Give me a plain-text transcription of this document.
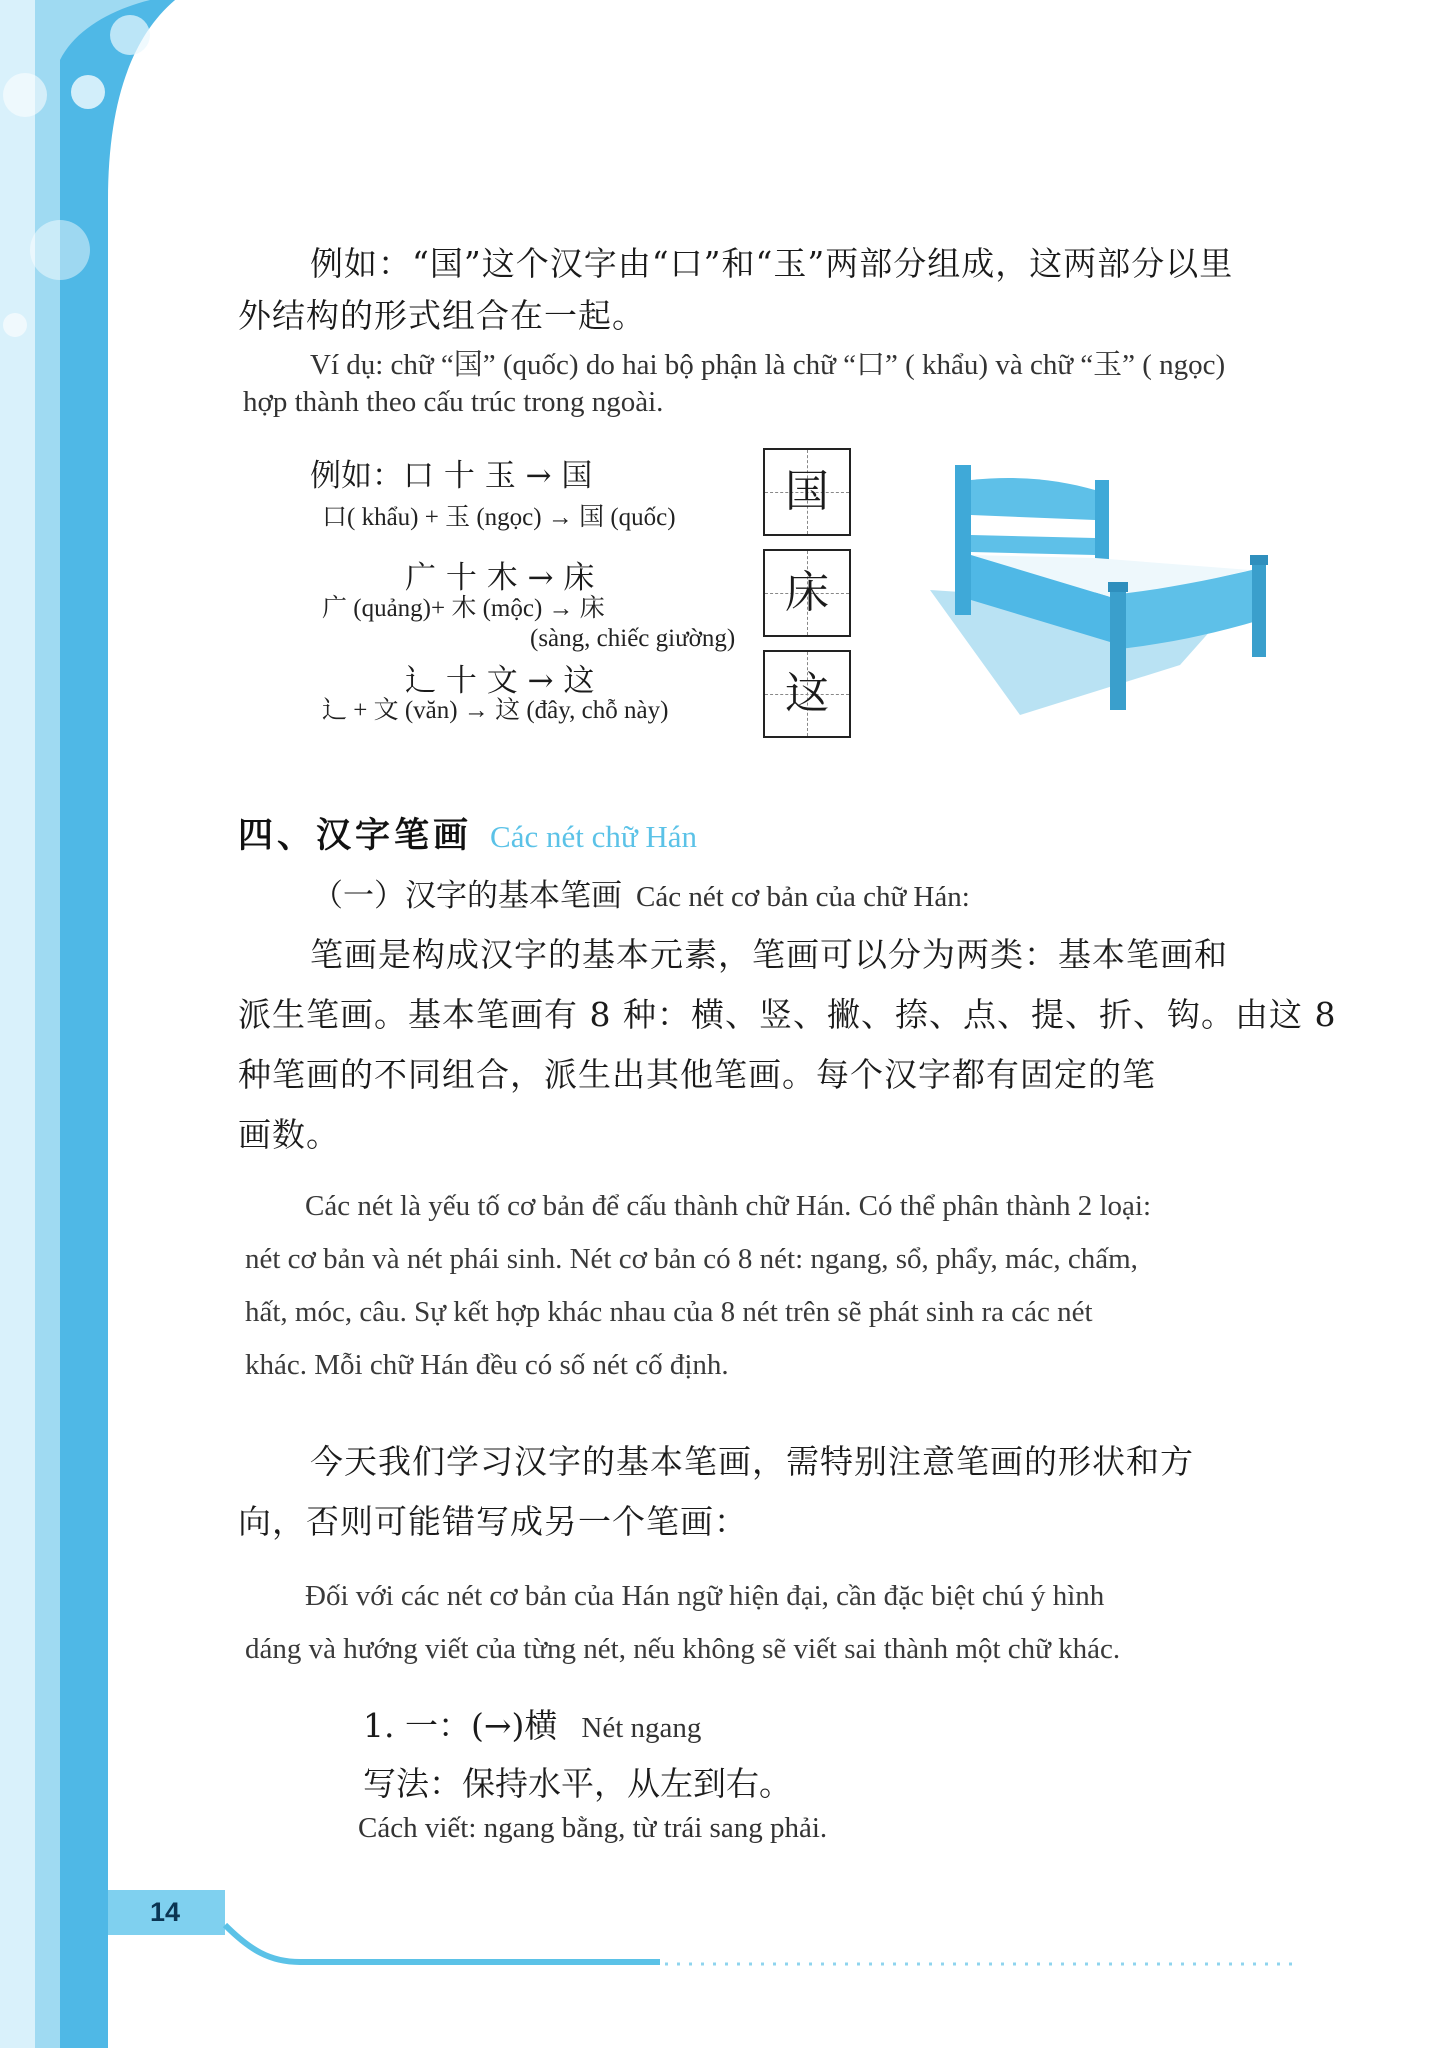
例如：“国”这个汉字由“口”和“玉”两部分组成，这两部分以里
外结构的形式组合在一起。
Ví dụ: chữ “国” (quốc) do hai bộ phận là chữ “口” ( khẩu) và chữ “玉” ( ngọc)
hợp thành theo cấu trúc trong ngoài.
例如：口 十 玉 → 国
口( khẩu) + 玉 (ngọc) → 国 (quốc)
广 十 木 → 床
广 (quảng)+ 木 (mộc) → 床
(sàng, chiếc giường)
辶 十 文 → 这
辶 + 文 (văn) → 这 (đây, chỗ này)
国
床
这
四、汉字笔画 Các nét chữ Hán
（一）汉字的基本笔画 Các nét cơ bản của chữ Hán:
笔画是构成汉字的基本元素，笔画可以分为两类：基本笔画和
派生笔画。基本笔画有 8 种：横、竖、撇、捺、点、提、折、钩。由这 8
种笔画的不同组合，派生出其他笔画。每个汉字都有固定的笔
画数。
Các nét là yếu tố cơ bản để cấu thành chữ Hán. Có thể phân thành 2 loại:
nét cơ bản và nét phái sinh. Nét cơ bản có 8 nét: ngang, sổ, phẩy, mác, chấm,
hất, móc, câu. Sự kết hợp khác nhau của 8 nét trên sẽ phát sinh ra các nét
khác. Mỗi chữ Hán đều có số nét cố định.
今天我们学习汉字的基本笔画，需特别注意笔画的形状和方
向，否则可能错写成另一个笔画：
Đối với các nét cơ bản của Hán ngữ hiện đại, cần đặc biệt chú ý hình
dáng và hướng viết của từng nét, nếu không sẽ viết sai thành một chữ khác.
1. 一：(→)横 Nét ngang
写法：保持水平，从左到右。
Cách viết: ngang bằng, từ trái sang phải.
14
